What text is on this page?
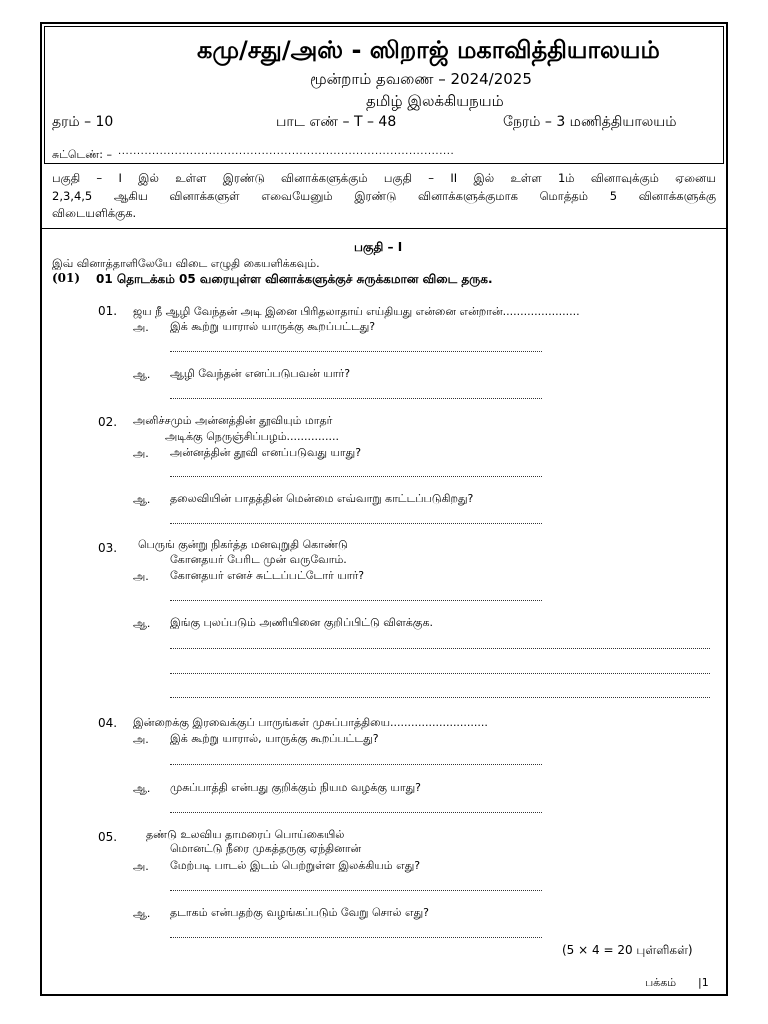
கமு/சது/அஸ் - ஸிறாஜ் மகாவித்தியாலயம்
மூன்றாம் தவணை – 2024/2025
தமிழ் இலக்கியநயம்
தரம் – 10	பாட எண் – T – 48	நேரம் – 3 மணித்தியாலயம்
சுட்டெண்: – .........................................................................................
பகுதி – I இல் உள்ள இரண்டு வினாக்களுக்கும் பகுதி – II இல் உள்ள 1ம் வினாவுக்கும் ஏனைய
2,3,4,5 ஆகிய வினாக்களுள் எவையேனும் இரண்டு வினாக்களுக்குமாக மொத்தம் 5 வினாக்களுக்கு
விடையளிக்குக.
பகுதி – I
இவ் வினாத்தாளிலேயே விடை எழுதி கையளிக்கவும்.
(01) 01 தொடக்கம் 05 வரையுள்ள வினாக்களுக்குச் சுருக்கமான விடை தருக.
01. ஜய நீ ஆழி வேந்தன் அடி இனை பிரிதலாதாய் எய்தியது என்னை என்றான்......................
அ. இக் கூற்று யாரால் யாருக்கு கூறப்பட்டது?
ஆ. ஆழி வேந்தன் எனப்படுபவன் யார்?
02. அனிச்சமும் அன்னத்தின் தூவியும் மாதர்
அடிக்கு நெருஞ்சிப்பழம்...............
அ. அன்னத்தின் தூவி எனப்படுவது யாது?
ஆ. தலைவியின் பாதத்தின் மென்மை எவ்வாறு காட்டப்படுகிறது?
03. பெருங் குன்று நிகர்த்த மனவுறுதி கொண்டு
கோனதயர் பேரிட முன் வருவோம்.
அ. கோனதயர் எனச் சுட்டப்பட்டோர் யார்?
ஆ. இங்கு புலப்படும் அணியினை குறிப்பிட்டு விளக்குக.
04. இன்றைக்கு இரவைக்குப் பாருங்கள் முசுப்பாத்தியை............................
அ. இக் கூற்று யாரால், யாருக்கு கூறப்பட்டது?
ஆ. முசுப்பாத்தி என்பது குறிக்கும் நியம வழக்கு யாது?
05.	தண்டு உலவிய தாமரைப் பொய்கையில்
மொனட்டு நீரை முகத்தருகு ஏந்தினான்
அ. மேற்படி பாடல் இடம் பெற்றுள்ள இலக்கியம் எது?
ஆ. தடாகம் என்பதற்கு வழங்கப்படும் வேறு சொல் எது?
(5 × 4 = 20 புள்ளிகள்)
பக்கம் |1
